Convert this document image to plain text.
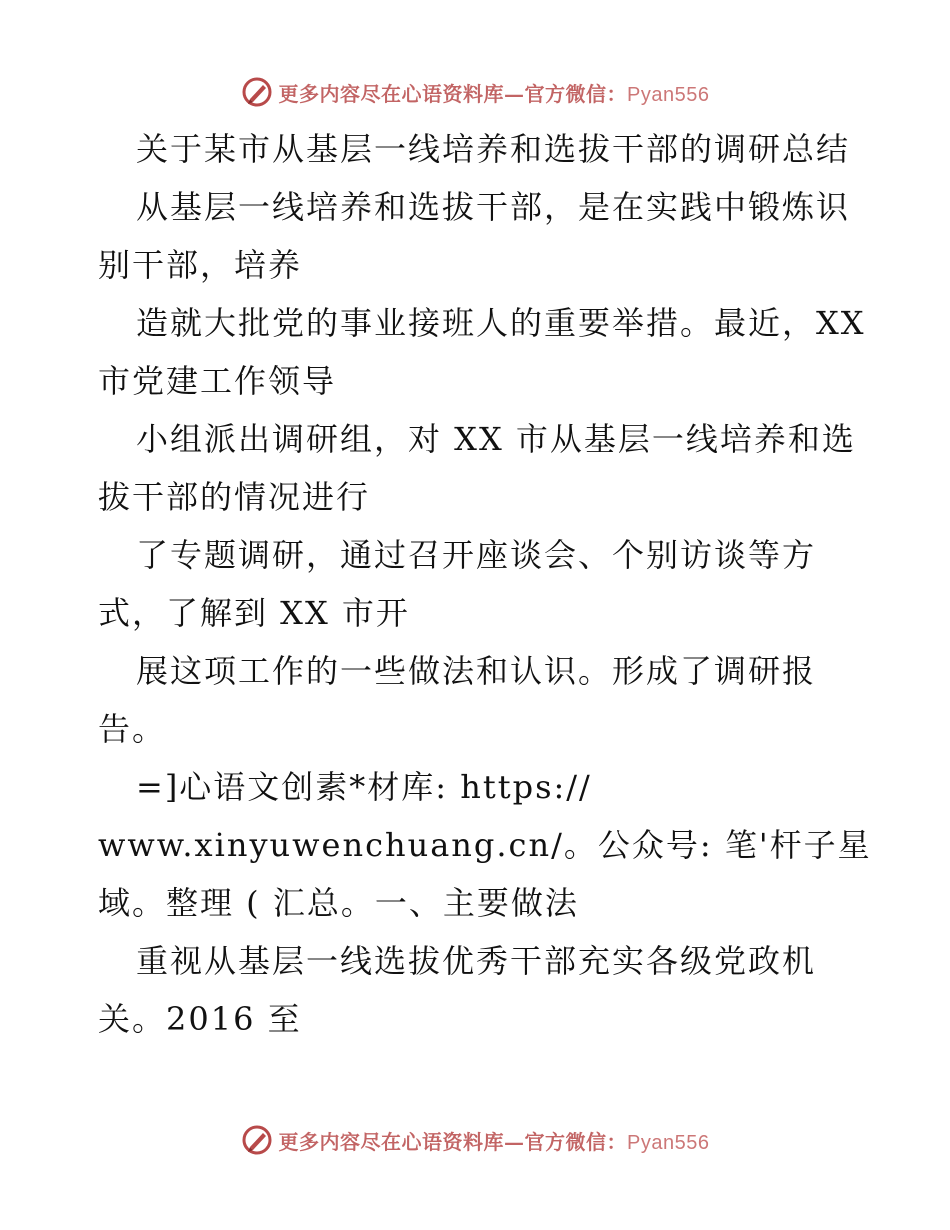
更多内容尽在心语资料库—官方微信：Pyan556
关于某市从基层一线培养和选拔干部的调研总结
从基层一线培养和选拔干部，是在实践中锻炼识
别干部，培养
造就大批党的事业接班人的重要举措。最近，XX
市党建工作领导
小组派出调研组，对 XX 市从基层一线培养和选
拔干部的情况进行
了专题调研，通过召开座谈会、个别访谈等方
式，了解到 XX 市开
展这项工作的一些做法和认识。形成了调研报
告。
=]心语文创素*材库: https://
www.xinyuwenchuang.cn/。公众号: 笔'杆子星
域。整理 ( 汇总。一、主要做法
重视从基层一线选拔优秀干部充实各级党政机
关。2016 至
更多内容尽在心语资料库—官方微信：Pyan556
